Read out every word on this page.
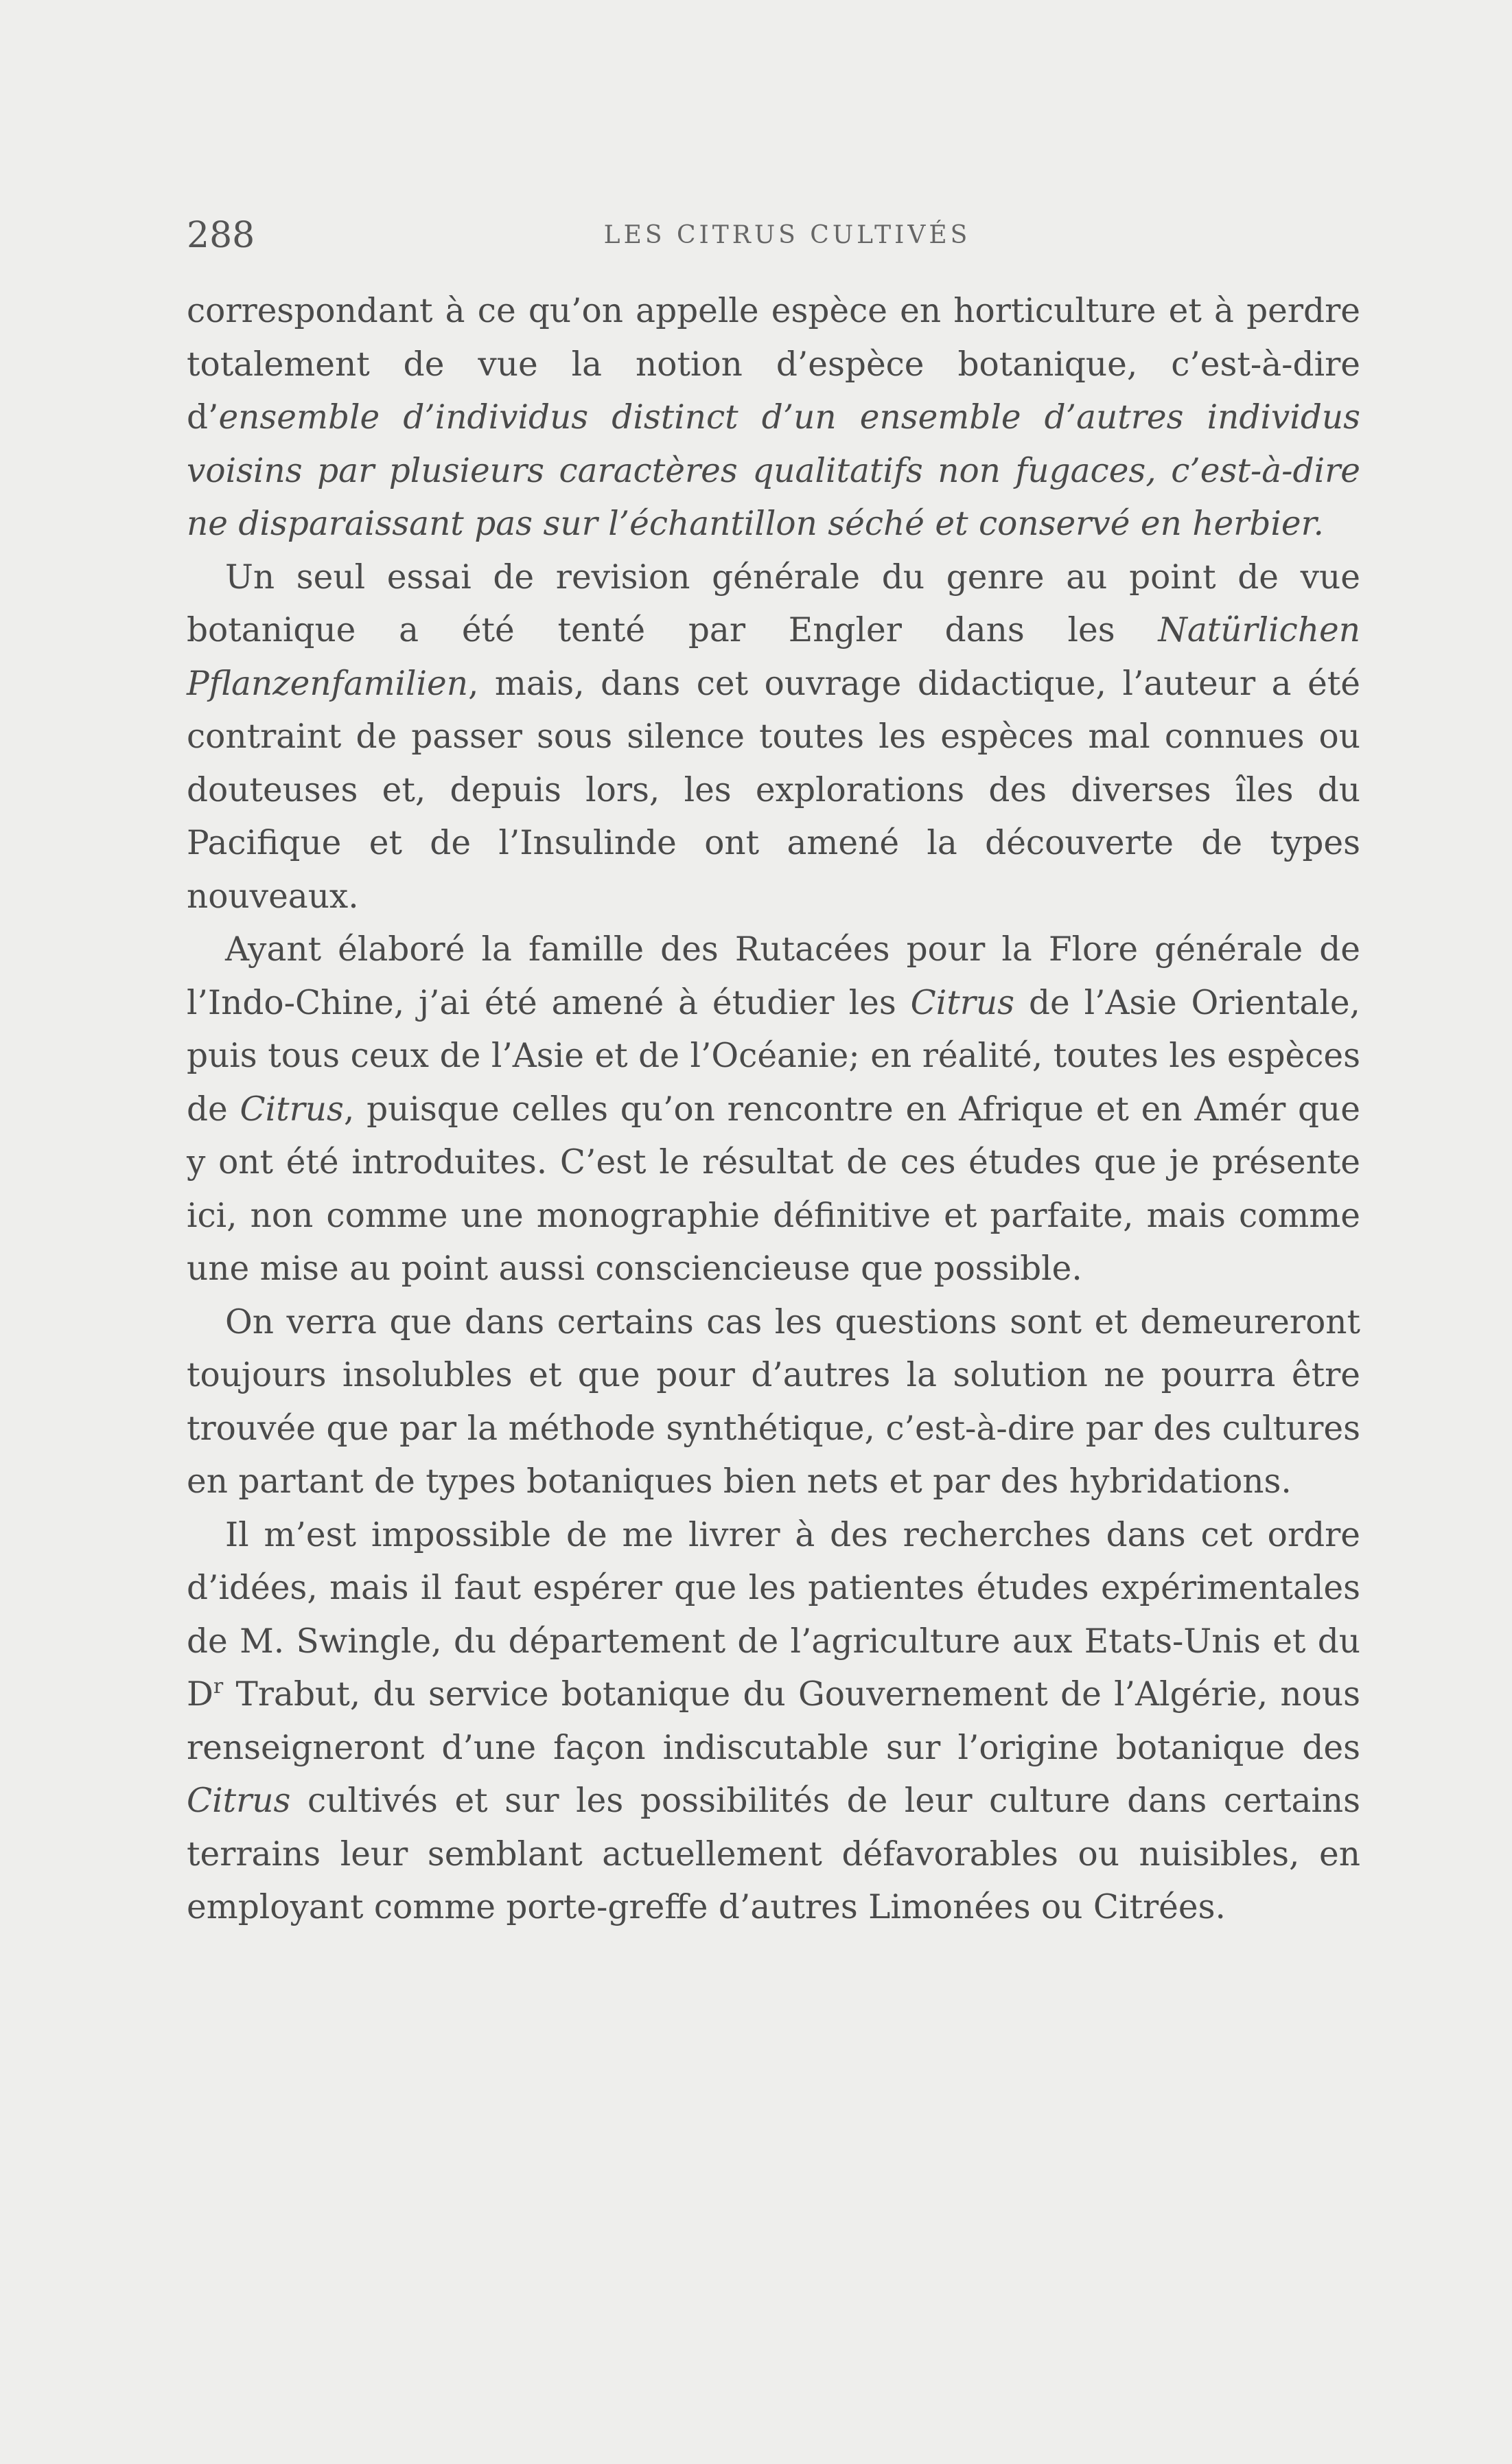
288	LES CITRUS CULTIVÉS

correspondant à ce qu’on appelle espèce en horticulture et à perdre totalement de vue la notion d’espèce botanique, c’est-à-dire d’ensemble d’individus distinct d’un ensemble d’autres individus voisins par plusieurs caractères qualitatifs non fugaces, c’est-à-dire ne disparaissant pas sur l’échantillon séché et conservé en herbier.

Un seul essai de revision générale du genre au point de vue botanique a été tenté par Engler dans les Natürlichen Pflanzenfamilien, mais, dans cet ouvrage didactique, l’auteur a été contraint de passer sous silence toutes les espèces mal connues ou douteuses et, depuis lors, les explorations des diverses îles du Pacifique et de l’Insulinde ont amené la découverte de types nouveaux.

Ayant élaboré la famille des Rutacées pour la Flore générale de l’Indo-Chine, j’ai été amené à étudier les Citrus de l’Asie Orientale, puis tous ceux de l’Asie et de l’Océanie; en réalité, toutes les espèces de Citrus, puisque celles qu’on rencontre en Afrique et en Amér que y ont été introduites. C’est le résultat de ces études que je présente ici, non comme une monographie définitive et parfaite, mais comme une mise au point aussi consciencieuse que possible.

On verra que dans certains cas les questions sont et demeureront toujours insolubles et que pour d’autres la solution ne pourra être trouvée que par la méthode synthétique, c’est-à-dire par des cultures en partant de types botaniques bien nets et par des hybridations.

Il m’est impossible de me livrer à des recherches dans cet ordre d’idées, mais il faut espérer que les patientes études expérimentales de M. Swingle, du département de l’agriculture aux Etats-Unis et du $D^r$ Trabut, du service botanique du Gouvernement de l’Algérie, nous renseigneront d’une façon indiscutable sur l’origine botanique des Citrus cultivés et sur les possibilités de leur culture dans certains terrains leur semblant actuellement défavorables ou nuisibles, en employant comme porte-greffe d’autres Limonées ou Citrées.
